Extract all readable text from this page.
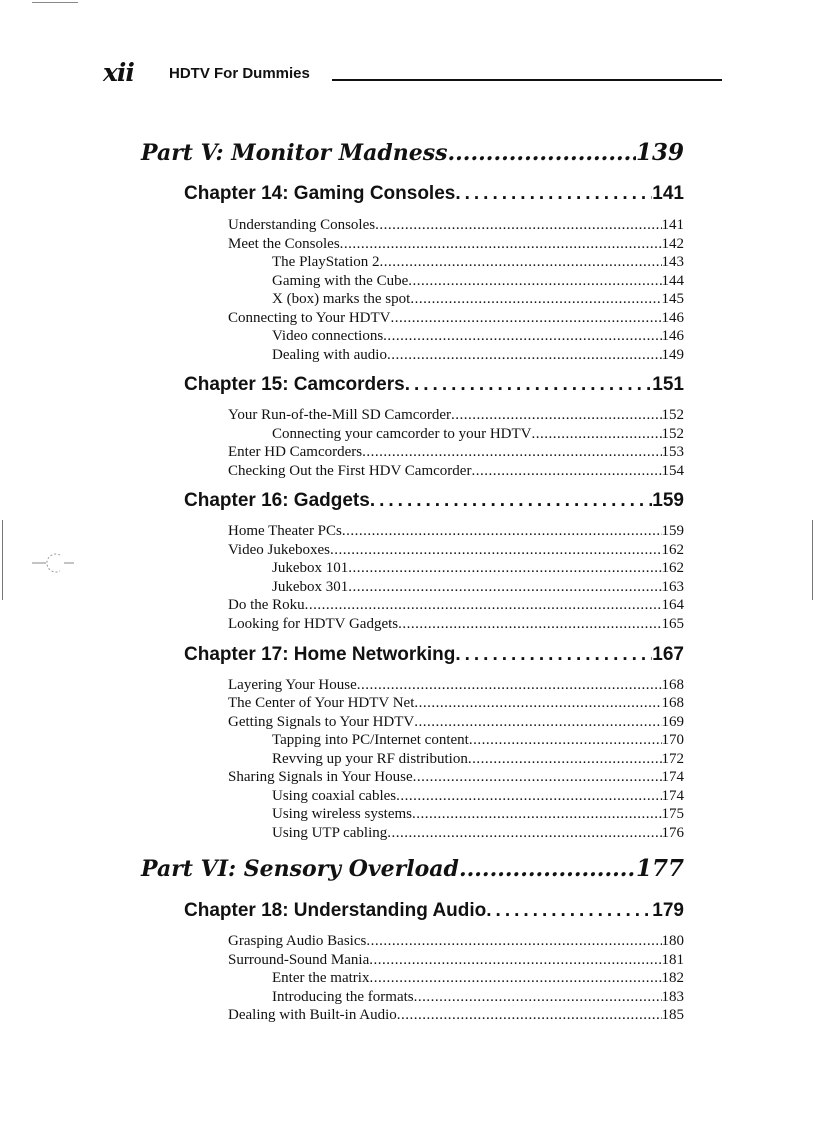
xii HDTV For Dummies
Part V: Monitor Madness .....	139
Chapter 14: Gaming Consoles .....	141
Understanding Consoles .....	141
Meet the Consoles .....	142
The PlayStation 2 .....	143
Gaming with the Cube .....	144
X (box) marks the spot .....	145
Connecting to Your HDTV .....	146
Video connections .....	146
Dealing with audio .....	149
Chapter 15: Camcorders .....	151
Your Run-of-the-Mill SD Camcorder .....	152
Connecting your camcorder to your HDTV .....	152
Enter HD Camcorders .....	153
Checking Out the First HDV Camcorder .....	154
Chapter 16: Gadgets .....	159
Home Theater PCs .....	159
Video Jukeboxes .....	162
Jukebox 101 .....	162
Jukebox 301 .....	163
Do the Roku .....	164
Looking for HDTV Gadgets .....	165
Chapter 17: Home Networking .....	167
Layering Your House .....	168
The Center of Your HDTV Net .....	168
Getting Signals to Your HDTV .....	169
Tapping into PC/Internet content .....	170
Revving up your RF distribution .....	172
Sharing Signals in Your House .....	174
Using coaxial cables .....	174
Using wireless systems .....	175
Using UTP cabling .....	176
Part VI: Sensory Overload .....	177
Chapter 18: Understanding Audio .....	179
Grasping Audio Basics .....	180
Surround-Sound Mania .....	181
Enter the matrix .....	182
Introducing the formats .....	183
Dealing with Built-in Audio .....	185
